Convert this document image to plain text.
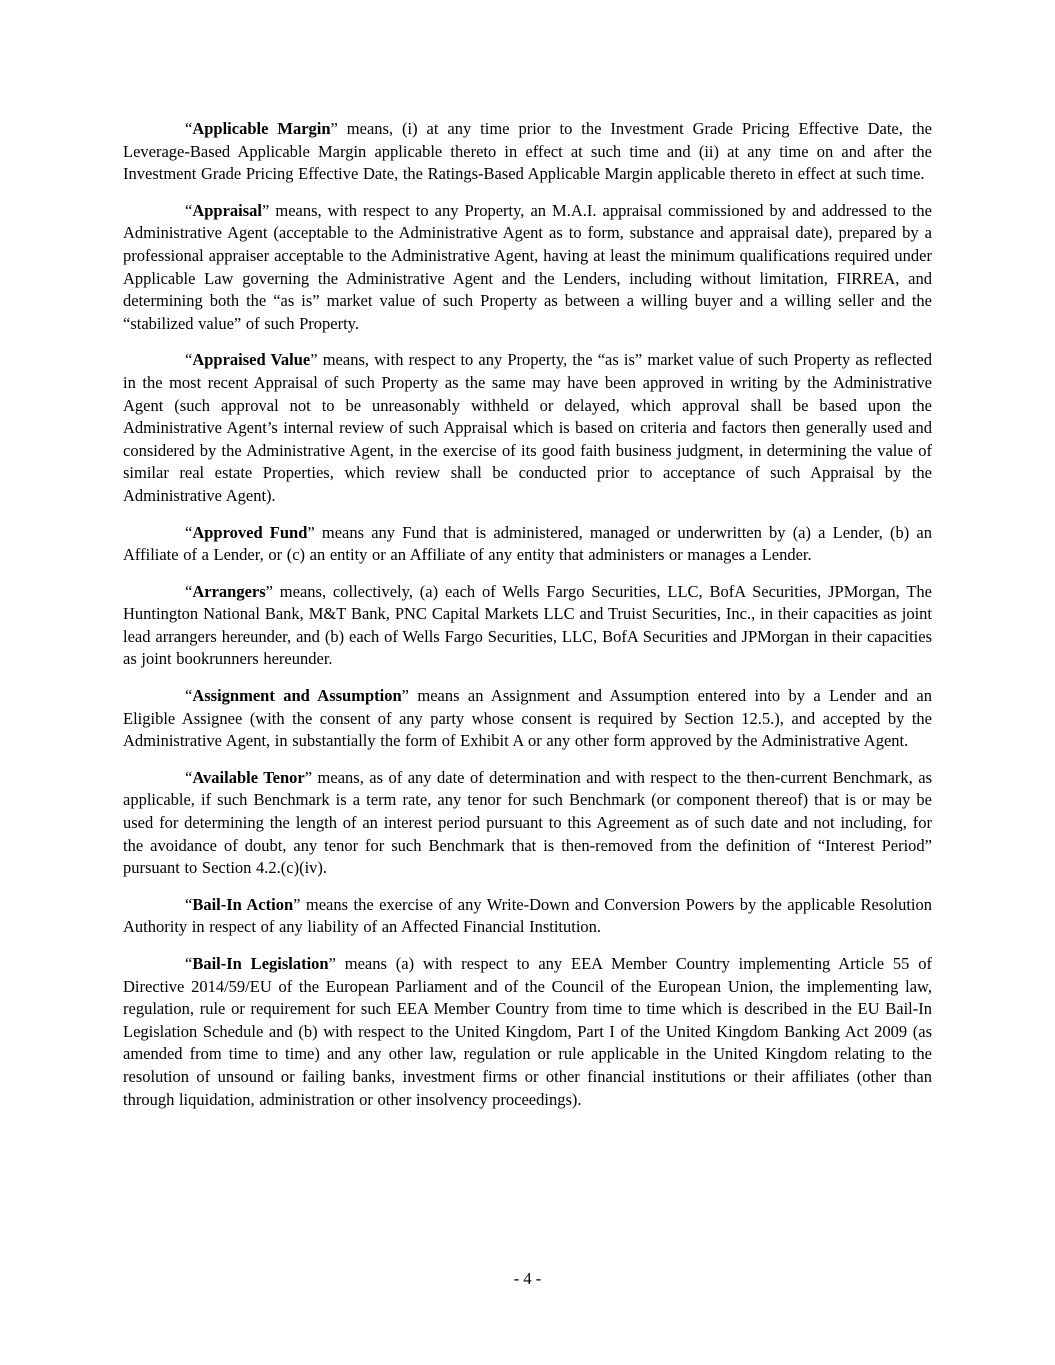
“Applicable Margin” means, (i) at any time prior to the Investment Grade Pricing Effective Date, the Leverage-Based Applicable Margin applicable thereto in effect at such time and (ii) at any time on and after the Investment Grade Pricing Effective Date, the Ratings-Based Applicable Margin applicable thereto in effect at such time.

“Appraisal” means, with respect to any Property, an M.A.I. appraisal commissioned by and addressed to the Administrative Agent (acceptable to the Administrative Agent as to form, substance and appraisal date), prepared by a professional appraiser acceptable to the Administrative Agent, having at least the minimum qualifications required under Applicable Law governing the Administrative Agent and the Lenders, including without limitation, FIRREA, and determining both the “as is” market value of such Property as between a willing buyer and a willing seller and the “stabilized value” of such Property.

“Appraised Value” means, with respect to any Property, the “as is” market value of such Property as reflected in the most recent Appraisal of such Property as the same may have been approved in writing by the Administrative Agent (such approval not to be unreasonably withheld or delayed, which approval shall be based upon the Administrative Agent’s internal review of such Appraisal which is based on criteria and factors then generally used and considered by the Administrative Agent, in the exercise of its good faith business judgment, in determining the value of similar real estate Properties, which review shall be conducted prior to acceptance of such Appraisal by the Administrative Agent).

“Approved Fund” means any Fund that is administered, managed or underwritten by (a) a Lender, (b) an Affiliate of a Lender, or (c) an entity or an Affiliate of any entity that administers or manages a Lender.

“Arrangers” means, collectively, (a) each of Wells Fargo Securities, LLC, BofA Securities, JPMorgan, The Huntington National Bank, M&T Bank, PNC Capital Markets LLC and Truist Securities, Inc., in their capacities as joint lead arrangers hereunder, and (b) each of Wells Fargo Securities, LLC, BofA Securities and JPMorgan in their capacities as joint bookrunners hereunder.

“Assignment and Assumption” means an Assignment and Assumption entered into by a Lender and an Eligible Assignee (with the consent of any party whose consent is required by Section 12.5.), and accepted by the Administrative Agent, in substantially the form of Exhibit A or any other form approved by the Administrative Agent.

“Available Tenor” means, as of any date of determination and with respect to the then-current Benchmark, as applicable, if such Benchmark is a term rate, any tenor for such Benchmark (or component thereof) that is or may be used for determining the length of an interest period pursuant to this Agreement as of such date and not including, for the avoidance of doubt, any tenor for such Benchmark that is then-removed from the definition of “Interest Period” pursuant to Section 4.2.(c)(iv).

“Bail-In Action” means the exercise of any Write-Down and Conversion Powers by the applicable Resolution Authority in respect of any liability of an Affected Financial Institution.

“Bail-In Legislation” means (a) with respect to any EEA Member Country implementing Article 55 of Directive 2014/59/EU of the European Parliament and of the Council of the European Union, the implementing law, regulation, rule or requirement for such EEA Member Country from time to time which is described in the EU Bail-In Legislation Schedule and (b) with respect to the United Kingdom, Part I of the United Kingdom Banking Act 2009 (as amended from time to time) and any other law, regulation or rule applicable in the United Kingdom relating to the resolution of unsound or failing banks, investment firms or other financial institutions or their affiliates (other than through liquidation, administration or other insolvency proceedings).

- 4 -
